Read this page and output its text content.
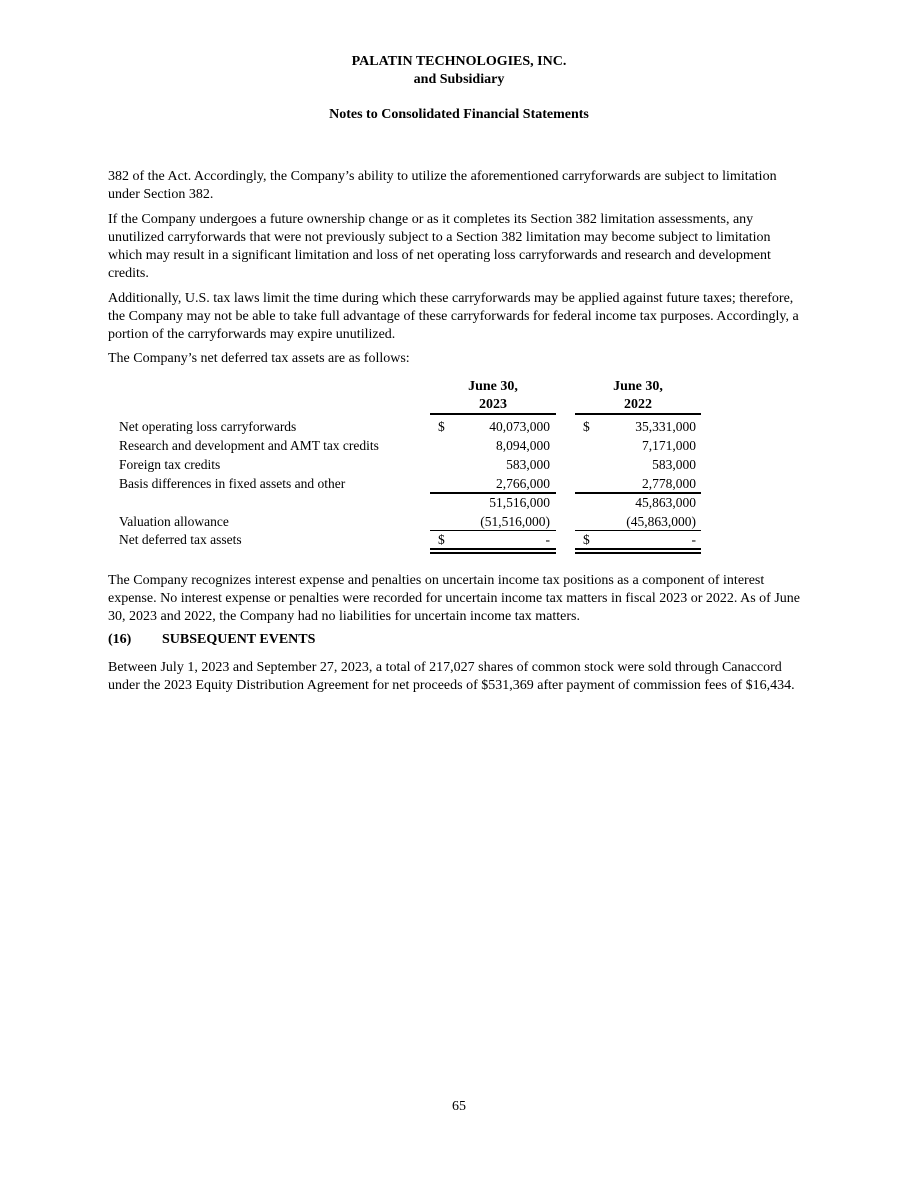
PALATIN TECHNOLOGIES, INC.
and Subsidiary
Notes to Consolidated Financial Statements

382 of the Act. Accordingly, the Company’s ability to utilize the aforementioned carryforwards are subject to limitation under Section 382.

If the Company undergoes a future ownership change or as it completes its Section 382 limitation assessments, any unutilized carryforwards that were not previously subject to a Section 382 limitation may become subject to limitation which may result in a significant limitation and loss of net operating loss carryforwards and research and development credits.

Additionally, U.S. tax laws limit the time during which these carryforwards may be applied against future taxes; therefore, the Company may not be able to take full advantage of these carryforwards for federal income tax purposes. Accordingly, a portion of the carryforwards may expire unutilized.

The Company’s net deferred tax assets are as follows:

June 30,
2023
June 30,
2022
Net operating loss carryforwards	$	40,073,000 $	35,331,000
Research and development and AMT tax credits	8,094,000	7,171,000
Foreign tax credits	583,000	583,000
Basis differences in fixed assets and other	2,766,000	2,778,000
51,516,000	45,863,000
Valuation allowance	(51,516,000)	(45,863,000)
Net deferred tax assets	$	- $	-

The Company recognizes interest expense and penalties on uncertain income tax positions as a component of interest expense. No interest expense or penalties were recorded for uncertain income tax matters in fiscal 2023 or 2022. As of June 30, 2023 and 2022, the Company had no liabilities for uncertain income tax matters.

(16) SUBSEQUENT EVENTS

Between July 1, 2023 and September 27, 2023, a total of 217,027 shares of common stock were sold through Canaccord under the 2023 Equity Distribution Agreement for net proceeds of $531,369 after payment of commission fees of $16,434.

65
